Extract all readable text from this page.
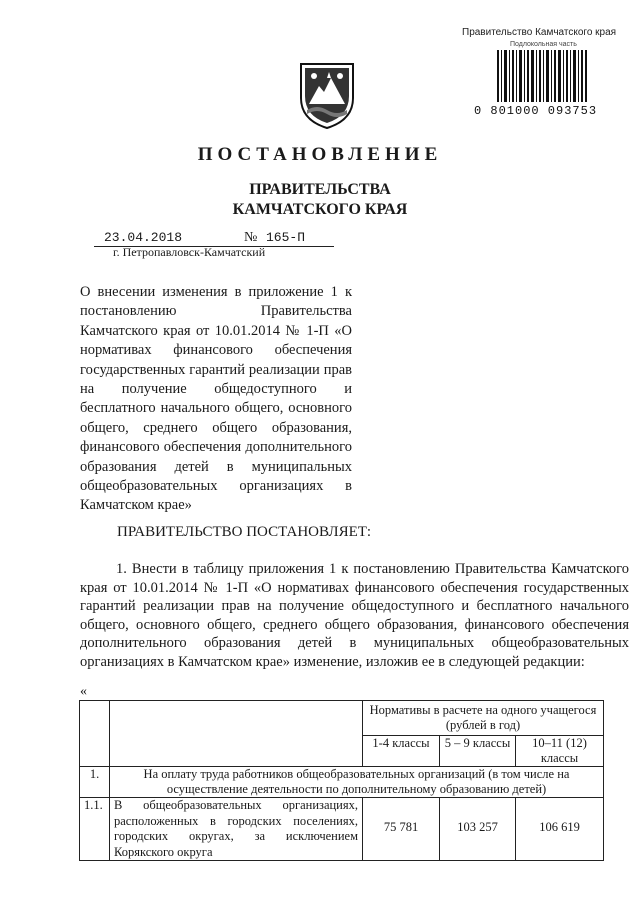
Правительство Камчатского края
Подлокольная часть
0 801000 093753
ПОСТАНОВЛЕНИЕ
ПРАВИТЕЛЬСТВА
КАМЧАТСКОГО КРАЯ
23.04.2018	№ 165-П
г. Петропавловск-Камчатский
О внесении изменения в приложение 1 к постановлению Правительства Камчатского края от 10.01.2014 № 1-П «О нормативах финансового обеспечения государственных гарантий реализации прав на получение общедоступного и бесплатного начального общего, основного общего, среднего общего образования, финансового обеспечения дополнительного образования детей в муниципальных общеобразовательных организациях в Камчатском крае»
ПРАВИТЕЛЬСТВО ПОСТАНОВЛЯЕТ:
1. Внести в таблицу приложения 1 к постановлению Правительства Камчатского края от 10.01.2014 № 1-П «О нормативах финансового обеспечения государственных гарантий реализации прав на получение общедоступного и бесплатного начального общего, основного общего, среднего общего образования, финансового обеспечения дополнительного образования детей в муниципальных общеобразовательных организациях в Камчатском крае» изменение, изложив ее в следующей редакции:
«
		Нормативы в расчете на одного учащегося (рублей в год)		
		1-4 классы	5 – 9 классы	10–11 (12) классы
1.	На оплату труда работников общеобразовательных организаций (в том числе на осуществление деятельности по дополнительному образованию детей)			
1.1.	В общеобразовательных организациях, расположенных в городских поселениях, городских округах, за исключением Корякского округа	75 781	103 257	106 619
